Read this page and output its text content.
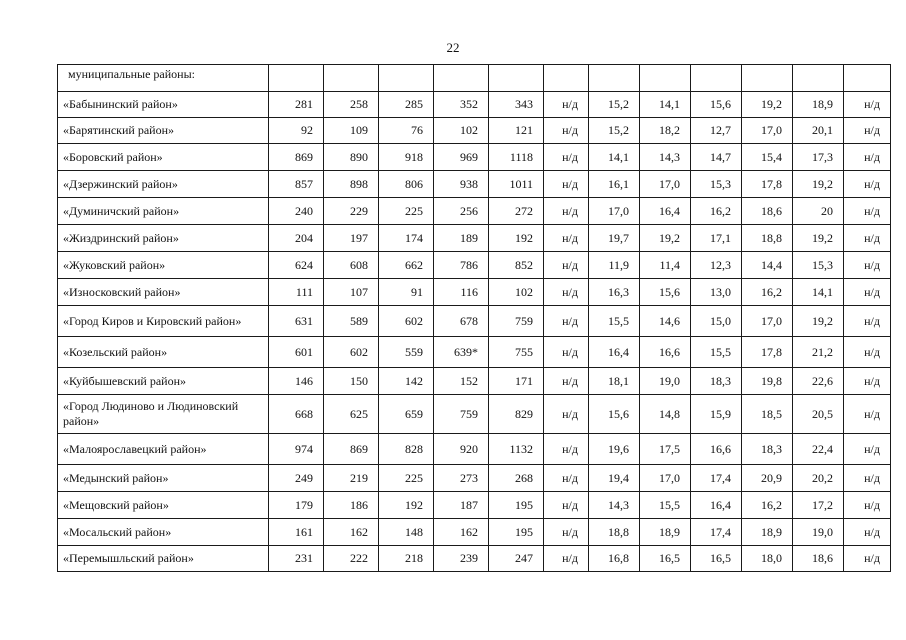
22
муниципальные районы:												
«Бабынинский район»	281	258	285	352	343	н/д	15,2	14,1	15,6	19,2	18,9	н/д
«Барятинский район»	92	109	76	102	121	н/д	15,2	18,2	12,7	17,0	20,1	н/д
«Боровский район»	869	890	918	969	1118	н/д	14,1	14,3	14,7	15,4	17,3	н/д
«Дзержинский район»	857	898	806	938	1011	н/д	16,1	17,0	15,3	17,8	19,2	н/д
«Думиничский район»	240	229	225	256	272	н/д	17,0	16,4	16,2	18,6	20	н/д
«Жиздринский район»	204	197	174	189	192	н/д	19,7	19,2	17,1	18,8	19,2	н/д
«Жуковский район»	624	608	662	786	852	н/д	11,9	11,4	12,3	14,4	15,3	н/д
«Износковский район»	111	107	91	116	102	н/д	16,3	15,6	13,0	16,2	14,1	н/д
«Город Киров и Кировский район»	631	589	602	678	759	н/д	15,5	14,6	15,0	17,0	19,2	н/д
«Козельский район»	601	602	559	639*	755	н/д	16,4	16,6	15,5	17,8	21,2	н/д
«Куйбышевский район»	146	150	142	152	171	н/д	18,1	19,0	18,3	19,8	22,6	н/д
«Город Людиново и Людиновский район»	668	625	659	759	829	н/д	15,6	14,8	15,9	18,5	20,5	н/д
«Малоярославецкий район»	974	869	828	920	1132	н/д	19,6	17,5	16,6	18,3	22,4	н/д
«Медынский район»	249	219	225	273	268	н/д	19,4	17,0	17,4	20,9	20,2	н/д
«Мещовский район»	179	186	192	187	195	н/д	14,3	15,5	16,4	16,2	17,2	н/д
«Мосальский район»	161	162	148	162	195	н/д	18,8	18,9	17,4	18,9	19,0	н/д
«Перемышльский район»	231	222	218	239	247	н/д	16,8	16,5	16,5	18,0	18,6	н/д
